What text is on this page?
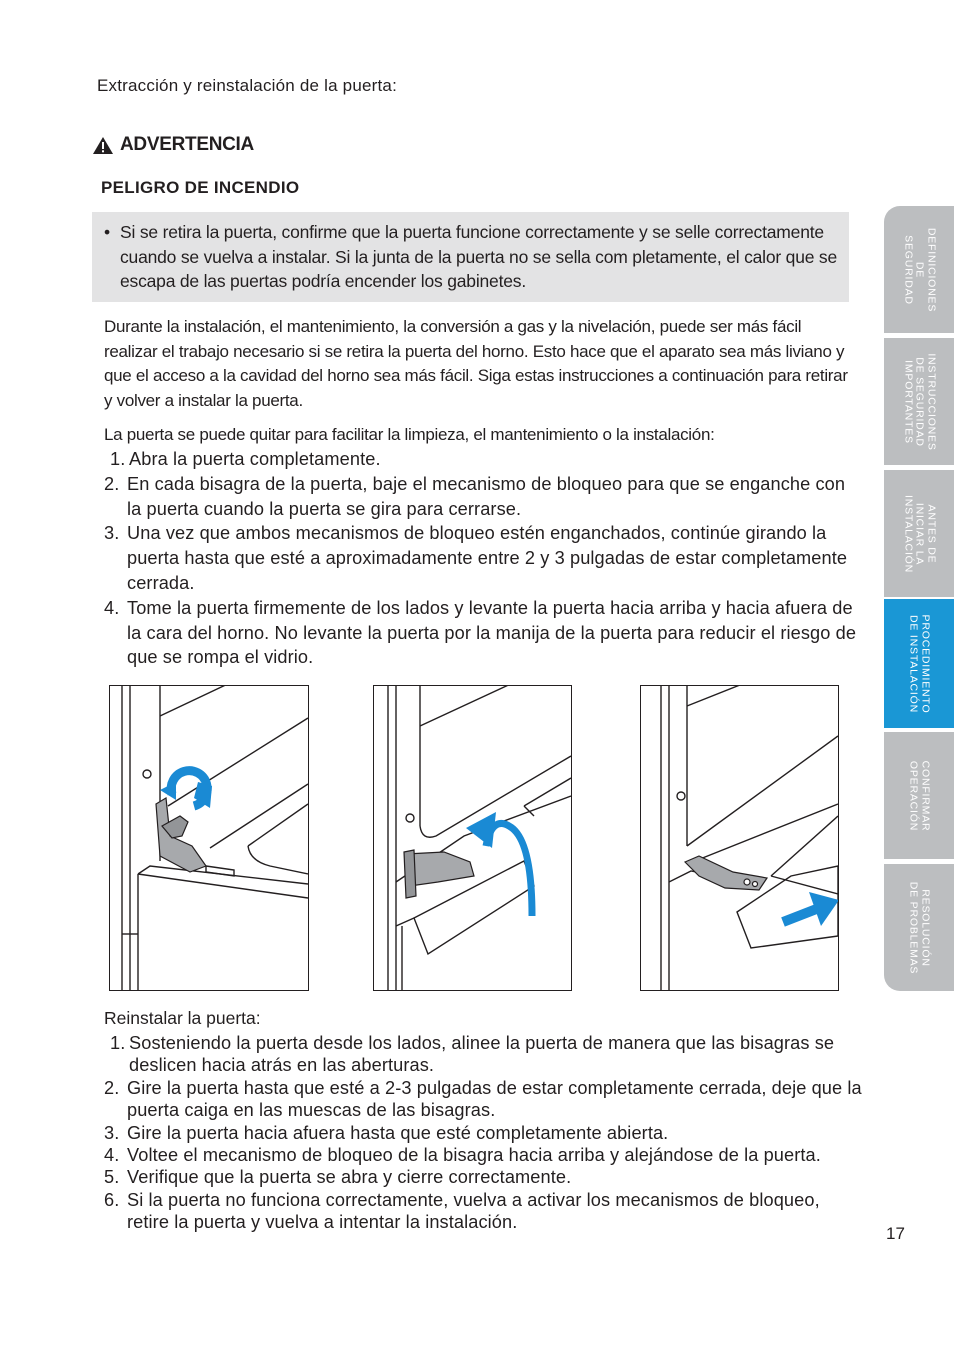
Extracción y reinstalación de la puerta:
ADVERTENCIA
PELIGRO DE INCENDIO
• Si se retira la puerta, confirme que la puerta funcione correctamente y se selle correctamente cuando se vuelva a instalar. Si la junta de la puerta no se sella com pletamente, el calor que se escapa de las puertas podría encender los gabinetes.
Durante la instalación, el mantenimiento, la conversión a gas y la nivelación, puede ser más fácil realizar el trabajo necesario si se retira la puerta del horno. Esto hace que el aparato sea más liviano y que el acceso a la cavidad del horno sea más fácil. Siga estas instrucciones a continuación para retirar y volver a instalar la puerta.
La puerta se puede quitar para facilitar la limpieza, el mantenimiento o la instalación:
1. Abra la puerta completamente.
2. En cada bisagra de la puerta, baje el mecanismo de bloqueo para que se enganche con la puerta cuando la puerta se gira para cerrarse.
3. Una vez que ambos mecanismos de bloqueo estén enganchados, continúe girando la puerta hasta que esté a aproximadamente entre 2 y 3 pulgadas de estar completamente cerrada.
4. Tome la puerta firmemente de los lados y levante la puerta hacia arriba y hacia afuera de la cara del horno. No levante la puerta por la manija de la puerta para reducir el riesgo de que se rompa el vidrio.
Reinstalar la puerta:
1. Sosteniendo la puerta desde los lados, alinee la puerta de manera que las bisagras se deslicen hacia atrás en las aberturas.
2. Gire la puerta hasta que esté a 2-3 pulgadas de estar completamente cerrada, deje que la puerta caiga en las muescas de las bisagras.
3. Gire la puerta hacia afuera hasta que esté completamente abierta.
4. Voltee el mecanismo de bloqueo de la bisagra hacia arriba y alejándose de la puerta.
5. Verifique que la puerta se abra y cierre correctamente.
6. Si la puerta no funciona correctamente, vuelva a activar los mecanismos de bloqueo, retire la puerta y vuelva a intentar la instalación.
DEFINICIONES
DE
SEGURIDAD
INSTRUCCIONES
DE SEGURIDAD
IMPORTANTES
ANTES DE
INICIAR LA
INSTALACIÓN
PROCEDIMIENTO
DE INSTALACIÓN
CONFIRMAR
OPERACIÓN
RESOLUCIÓN
DE PROBLEMAS
17
